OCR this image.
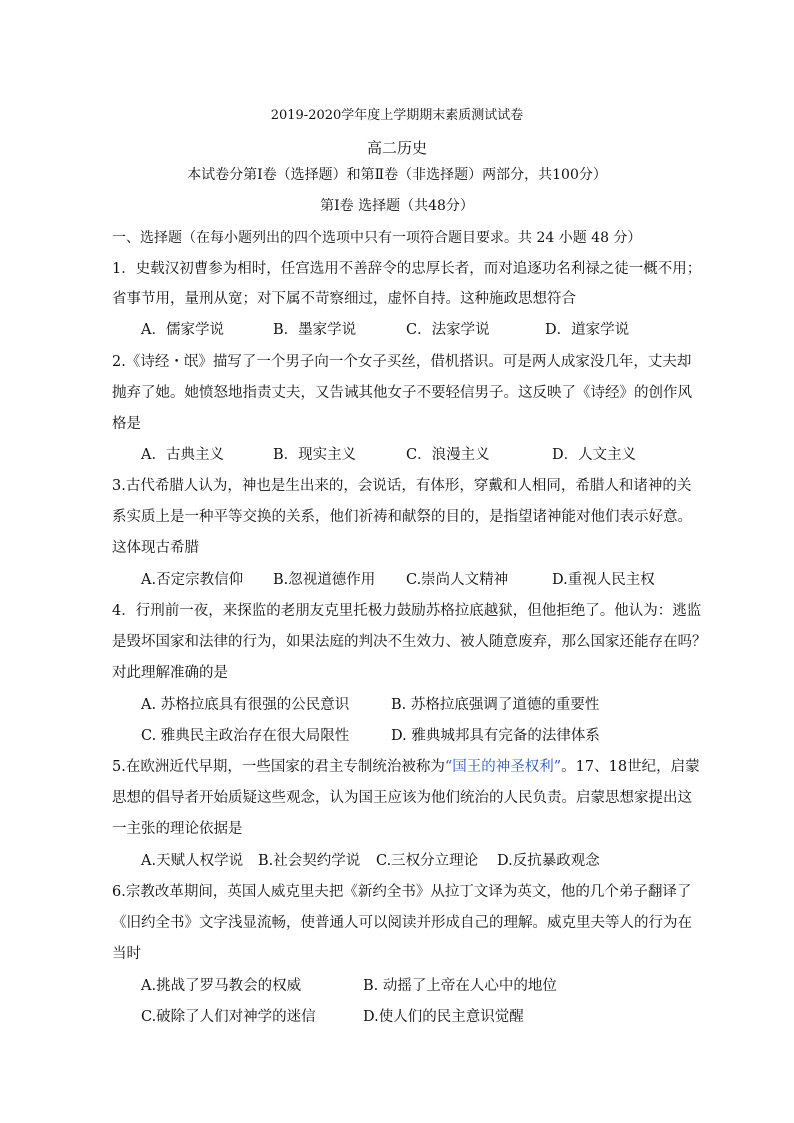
2019-2020学年度上学期期末素质测试试卷
高二历史
本试卷分第Ⅰ卷（选择题）和第Ⅱ卷（非选择题）两部分，共100分）
第Ⅰ卷 选择题（共48分）
一、选择题（在每小题列出的四个选项中只有一项符合题目要求。共 24 小题 48 分）
1．史载汉初曹参为相时，任宫选用不善辞令的忠厚长者，而对追逐功名利禄之徒一概不用；
省事节用，量刑从宽；对下属不苛察细过，虚怀自持。这种施政思想符合
A．儒家学说	B．墨家学说	C．法家学说	D．道家学说
2.《诗经・氓》描写了一个男子向一个女子买丝，借机搭识。可是两人成家没几年，丈夫却
抛弃了她。她愤怒地指责丈夫，又告诫其他女子不要轻信男子。这反映了《诗经》的创作风
格是
A．古典主义	B．现实主义	C．浪漫主义	D．人文主义
3.古代希腊人认为，神也是生出来的，会说话，有体形，穿戴和人相同，希腊人和诸神的关
系实质上是一种平等交换的关系，他们祈祷和献祭的目的，是指望诸神能对他们表示好意。
这体现古希腊
A.否定宗教信仰 B.忽视道德作用 C.崇尚人文精神	D.重视人民主权
4．行刑前一夜，来探监的老朋友克里托极力鼓励苏格拉底越狱，但他拒绝了。他认为：逃监
是毁坏国家和法律的行为，如果法庭的判决不生效力、被人随意废弃，那么国家还能存在吗？
对此理解准确的是
A. 苏格拉底具有很强的公民意识	B. 苏格拉底强调了道德的重要性
C. 雅典民主政治存在很大局限性	D. 雅典城邦具有完备的法律体系
5.在欧洲近代早期，一些国家的君主专制统治被称为“国王的神圣权利”。17、18世纪，启蒙
思想的倡导者开始质疑这些观念，认为国王应该为他们统治的人民负责。启蒙思想家提出这
一主张的理论依据是
A.天赋人权学说 B.社会契约学说 C.三权分立理论 D.反抗暴政观念
6.宗教改革期间，英国人威克里夫把《新约全书》从拉丁文译为英文，他的几个弟子翻译了
《旧约全书》文字浅显流畅，使普通人可以阅读并形成自己的理解。威克里夫等人的行为在
当时
A.挑战了罗马教会的权威	B. 动摇了上帝在人心中的地位
C.破除了人们对神学的迷信	D.使人们的民主意识觉醒
